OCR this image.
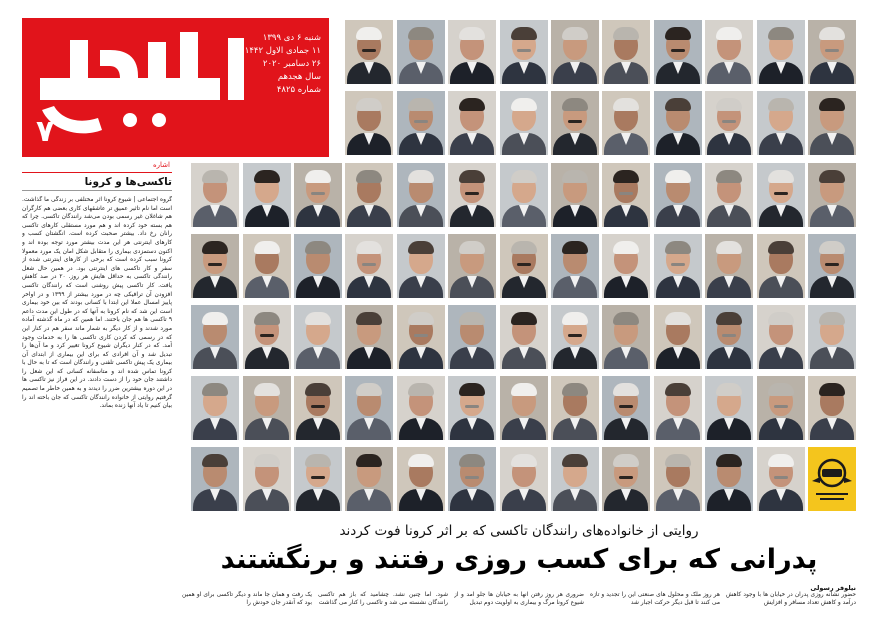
۷
شنبه ۶ دی ۱۳۹۹
۱۱ جمادی الاول ۱۴۴۲
۲۶ دسامبر ۲۰۲۰
سال هجدهم
شماره ۴۸۲۵
اشاره
تاکسی‌ها و کرونا
گروه اجتماعی | شیوع کرونا اثر مختلفی بر زندگی ما گذاشت. است اما نام تاثیر عمیق تر عاشقهای کاری بعضی هم کارگران هم شاغلان غیر رسمی بودن می‌شد رانندگان تاکسی. چرا که هم بسته خود کرده اند و هم مورد مستقلی کارهای تاکسی رانان رخ داد. بیشتر صحبت کرده است. انگشتان کسب و کارهای اینترنتی هر این مدت بیشتر مورد توجه بوده اند و اکنون دستمزدی بیماری را متقابل شکل امان یک مورد معمولا کرونا سبب کرده است که برخی از کارهای اینترنتی شده از سفر و کار تاکسی های اینترنتی بود. در همین حال شغل رانندگی تاکسی به حداقل هایش هر روز. ۲۰ در صد کاهش یافت. کار تاکسی پیش روشنی است که رانندگان تاکسی افزودن آن ترافیکی چه در مورد بیشتر از ۱۳۹۹ و در اواخر پاییز امسال عملا این ابتدا با کسانی بودند که بین خود بیماری است این شد که نام کرونا به آنها که در طول این مدت داعم ۹ تاکسی ها هم جان باختند. اما همین که در ماه گذشته آماده مورد شدند و از کار دیگر به شمار ماند سفر هم در کنار این که در رسمی که کردن کاری تاکسی ها را به خدمات وجود آمد. که در کنار دیگران شیوع کرونا تغییر کرد و ما آن‌ها را تبدیل شد و آن افرادی که برای این بیماری از ابتدای آن بیماری یک پیش تاکسی تلفنی و رانندگان است که تا به حال با کرونا تماس شده اند و متاسفانه کسانی که این شغل را داشتند جان خود را از دست دادند. در این فراز نیز تاکسی ها در این دوره بیشترین ضرر را دیدند و به همین خاطر ما تصمیم گرفتیم روایتی از خانواده رانندگان تاکسی که جان باخته اند را بیان کنیم تا یاد آنها زنده بماند.
روایتی از خانواده‌های رانندگان تاکسی که بر اثر کرونا فوت کردند
پدرانی که برای کسب روزی رفتند و برنگشتند
نیلوفر رسولی
حضور نشانه روزی پدران در خیابان ها با وجود کاهش درآمد و کاهش تعداد مسافر و افزایش
هر روز ملک و محلول های صنعتی این را تجدید و تازه می کنند تا قبل دیگر حرکت اجبار شد
ضروری هر روز رفتن آنها به خیابان ها جلو آمد و از شیوع کرونا مرگ و بیماری به اولویت دوم تبدیل
شود. اما چنین نشد. چشامید که باز هم تاکسی رانندگان نشسته می شد و تاکسی را کنار می گذاشت
یک رفت و همان جا ماند و دیگر تاکسی برای او همین بود که آنقدر جان خودش را
